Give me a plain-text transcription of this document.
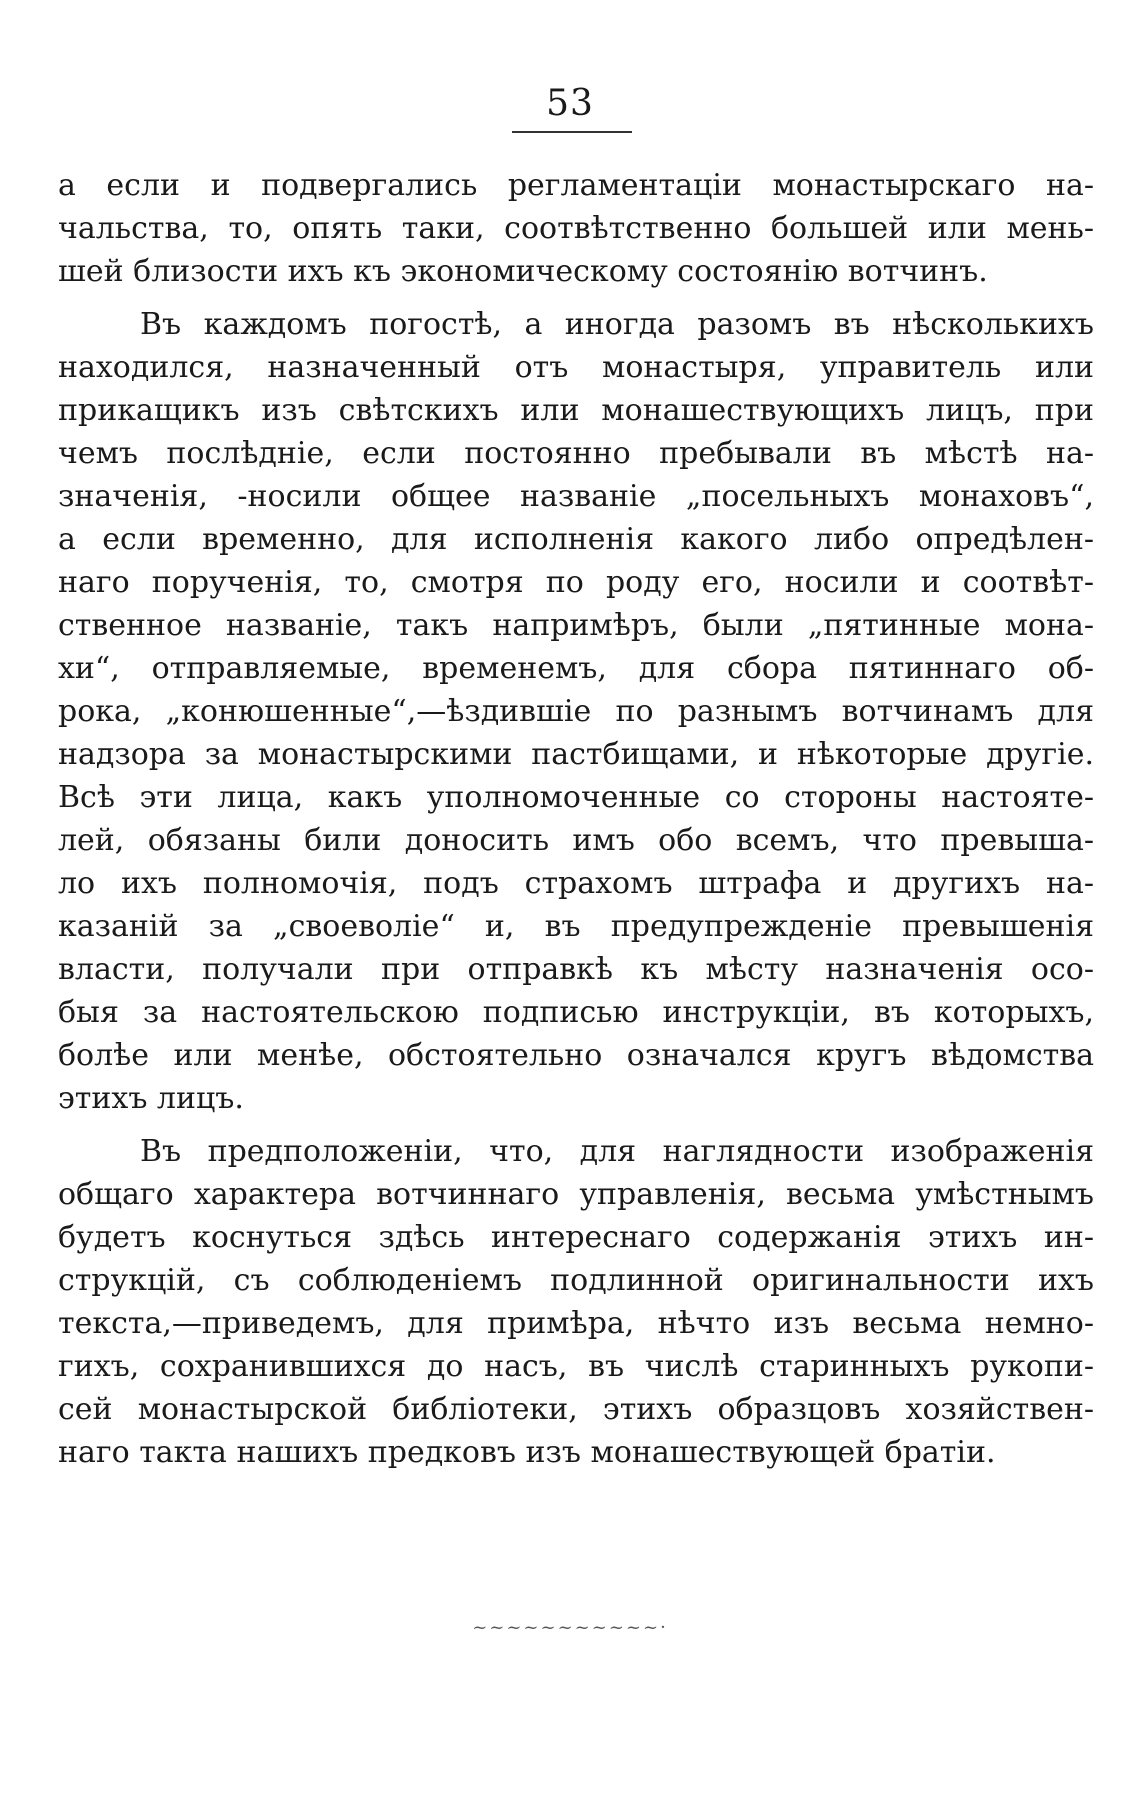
53
а если и подвергались регламентаціи монастырскаго на-
чальства, то, опять таки, соотвѣтственно большей или мень-
шей близости ихъ къ экономическому состоянію вотчинъ.
Въ каждомъ погостѣ, а иногда разомъ въ нѣсколькихъ
находился, назначенный отъ монастыря, управитель или
прикащикъ изъ свѣтскихъ или монашествующихъ лицъ, при
чемъ послѣдніе, если постоянно пребывали въ мѣстѣ на-
значенія, -носили общее названіе „посельныхъ монаховъ“,
а если временно, для исполненія какого либо опредѣлен-
наго порученія, то, смотря по роду его, носили и соотвѣт-
ственное названіе, такъ напримѣръ, были „пятинные мона-
хи“, отправляемые, временемъ, для сбора пятиннаго об-
рока, „конюшенные“,—ѣздившіе по разнымъ вотчинамъ для
надзора за монастырскими пастбищами, и нѣкоторые другіе.
Всѣ эти лица, какъ уполномоченные со стороны настояте-
лей, обязаны били доносить имъ обо всемъ, что превыша-
ло ихъ полномочія, подъ страхомъ штрафа и другихъ на-
казаній за „своеволіе“ и, въ предупрежденіе превышенія
власти, получали при отправкѣ къ мѣсту назначенія осо-
быя за настоятельскою подписью инструкціи, въ которыхъ,
болѣе или менѣе, обстоятельно означался кругъ вѣдомства
этихъ лицъ.
Въ предположеніи, что, для наглядности изображенія
общаго характера вотчиннаго управленія, весьма умѣстнымъ
будетъ коснуться здѣсь интереснаго содержанія этихъ ин-
струкцій, съ соблюденіемъ подлинной оригинальности ихъ
текста,—приведемъ, для примѣра, нѣчто изъ весьма немно-
гихъ, сохранившихся до насъ, въ числѣ старинныхъ рукопи-
сей монастырской библіотеки, этихъ образцовъ хозяйствен-
наго такта нашихъ предковъ изъ монашествующей братіи.
~~~~~~~~~~~·
